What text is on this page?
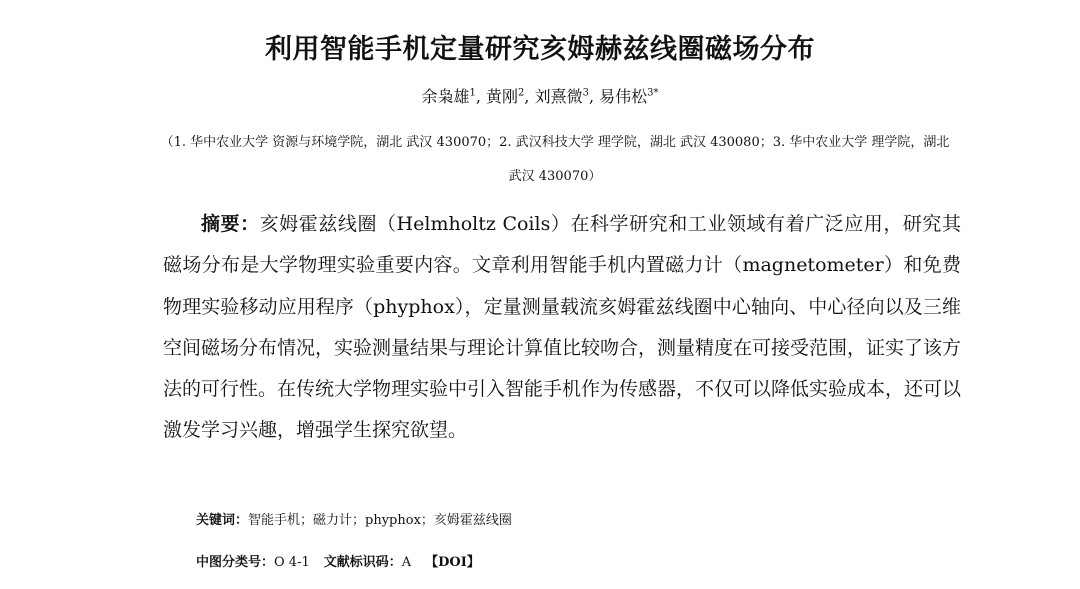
利用智能手机定量研究亥姆赫兹线圈磁场分布
余枭雄$^1$, 黄刚$^2$, 刘熹微$^3$, 易伟松$^{3*}$
（1. 华中农业大学 资源与环境学院，湖北 武汉 430070；2. 武汉科技大学 理学院，湖北 武汉 430080；3. 华中农业大学 理学院，湖北 武汉 430070）

摘要：亥姆霍兹线圈（Helmholtz Coils）在科学研究和工业领域有着广泛应用，研究其磁场分布是大学物理实验重要内容。文章利用智能手机内置磁力计（magnetometer）和免费物理实验移动应用程序（phyphox），定量测量载流亥姆霍兹线圈中心轴向、中心径向以及三维空间磁场分布情况，实验测量结果与理论计算值比较吻合，测量精度在可接受范围，证实了该方法的可行性。在传统大学物理实验中引入智能手机作为传感器，不仅可以降低实验成本，还可以激发学习兴趣，增强学生探究欲望。

关键词：智能手机；磁力计；phyphox；亥姆霍兹线圈
中图分类号：O 4-1 文献标识码：A 【DOI】
